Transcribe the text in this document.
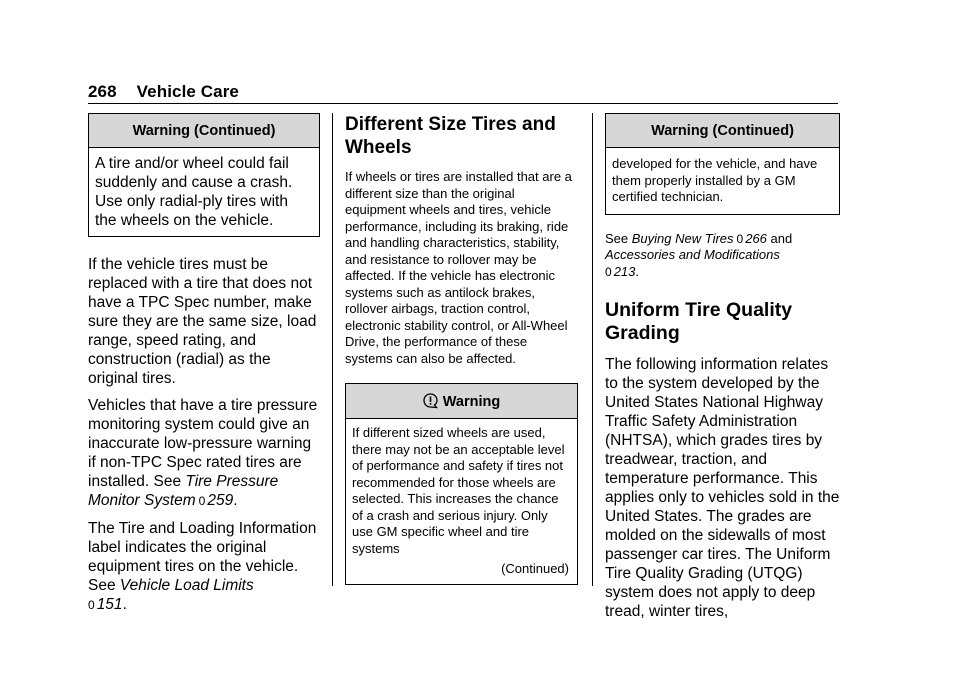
268 Vehicle Care
Warning (Continued)
A tire and/or wheel could fail suddenly and cause a crash. Use only radial-ply tires with the wheels on the vehicle.

If the vehicle tires must be replaced with a tire that does not have a TPC Spec number, make sure they are the same size, load range, speed rating, and construction (radial) as the original tires.

Vehicles that have a tire pressure monitoring system could give an inaccurate low-pressure warning if non-TPC Spec rated tires are installed. See Tire Pressure Monitor System 0 259.

The Tire and Loading Information label indicates the original equipment tires on the vehicle. See Vehicle Load Limits
0 151.

Different Size Tires and Wheels

If wheels or tires are installed that are a different size than the original equipment wheels and tires, vehicle performance, including its braking, ride and handling characteristics, stability, and resistance to rollover may be affected. If the vehicle has electronic systems such as antilock brakes, rollover airbags, traction control, electronic stability control, or All-Wheel Drive, the performance of these systems can also be affected.

Warning

If different sized wheels are used, there may not be an acceptable level of performance and safety if tires not recommended for those wheels are selected. This increases the chance of a crash and serious injury. Only use GM specific wheel and tire systems

(Continued)

Warning (Continued)
developed for the vehicle, and have them properly installed by a GM certified technician.

See Buying New Tires 0 266 and
Accessories and Modifications
0 213.

Uniform Tire Quality Grading

The following information relates to the system developed by the United States National Highway Traffic Safety Administration (NHTSA), which grades tires by treadwear, traction, and temperature performance. This applies only to vehicles sold in the United States. The grades are molded on the sidewalls of most passenger car tires. The Uniform Tire Quality Grading (UTQG) system does not apply to deep tread, winter tires,
